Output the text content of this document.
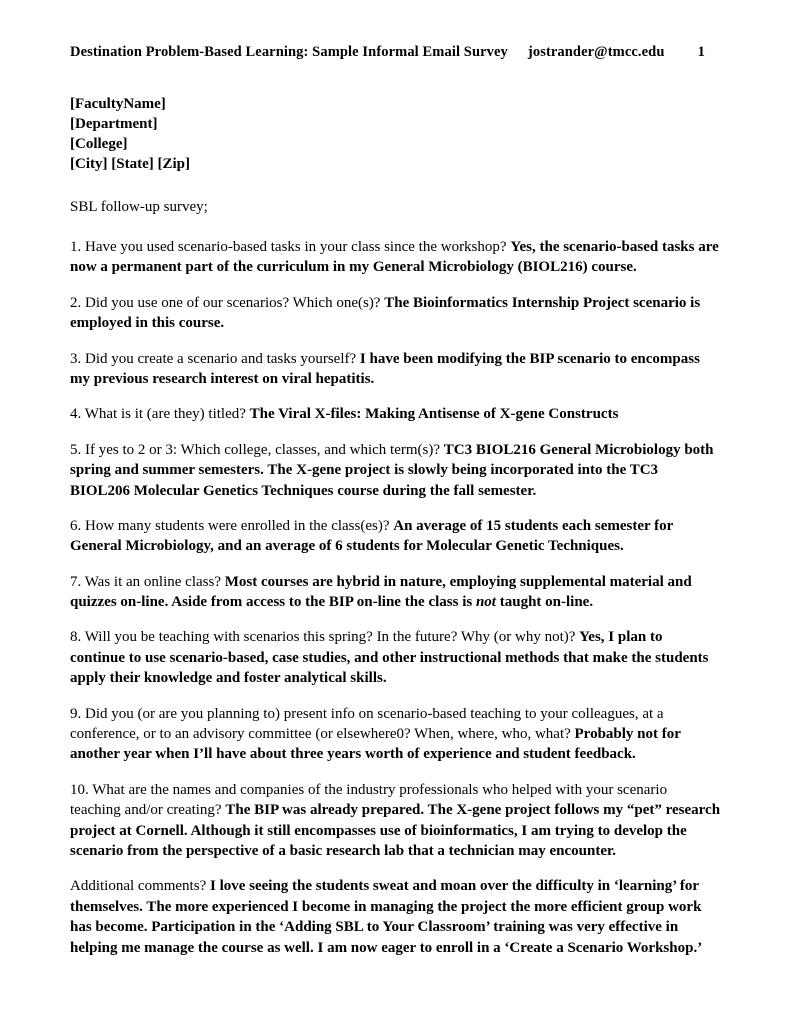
Destination Problem-Based Learning: Sample Informal Email Survey jostrander@tmcc.edu 1
[FacultyName]
[Department]
[College]
[City] [State] [Zip]
SBL follow-up survey;
1. Have you used scenario-based tasks in your class since the workshop? Yes, the scenario-based tasks are now a permanent part of the curriculum in my General Microbiology (BIOL216) course.
2. Did you use one of our scenarios? Which one(s)? The Bioinformatics Internship Project scenario is employed in this course.
3. Did you create a scenario and tasks yourself? I have been modifying the BIP scenario to encompass my previous research interest on viral hepatitis.
4. What is it (are they) titled? The Viral X-files: Making Antisense of X-gene Constructs
5. If yes to 2 or 3: Which college, classes, and which term(s)? TC3 BIOL216 General Microbiology both spring and summer semesters. The X-gene project is slowly being incorporated into the TC3 BIOL206 Molecular Genetics Techniques course during the fall semester.
6. How many students were enrolled in the class(es)? An average of 15 students each semester for General Microbiology, and an average of 6 students for Molecular Genetic Techniques.
7. Was it an online class? Most courses are hybrid in nature, employing supplemental material and quizzes on-line. Aside from access to the BIP on-line the class is not taught on-line.
8. Will you be teaching with scenarios this spring? In the future? Why (or why not)? Yes, I plan to continue to use scenario-based, case studies, and other instructional methods that make the students apply their knowledge and foster analytical skills.
9. Did you (or are you planning to) present info on scenario-based teaching to your colleagues, at a conference, or to an advisory committee (or elsewhere0? When, where, who, what? Probably not for another year when I’ll have about three years worth of experience and student feedback.
10. What are the names and companies of the industry professionals who helped with your scenario teaching and/or creating? The BIP was already prepared. The X-gene project follows my “pet” research project at Cornell. Although it still encompasses use of bioinformatics, I am trying to develop the scenario from the perspective of a basic research lab that a technician may encounter.
Additional comments? I love seeing the students sweat and moan over the difficulty in ‘learning’ for themselves. The more experienced I become in managing the project the more efficient group work has become. Participation in the ‘Adding SBL to Your Classroom’ training was very effective in helping me manage the course as well. I am now eager to enroll in a ‘Create a Scenario Workshop.’
